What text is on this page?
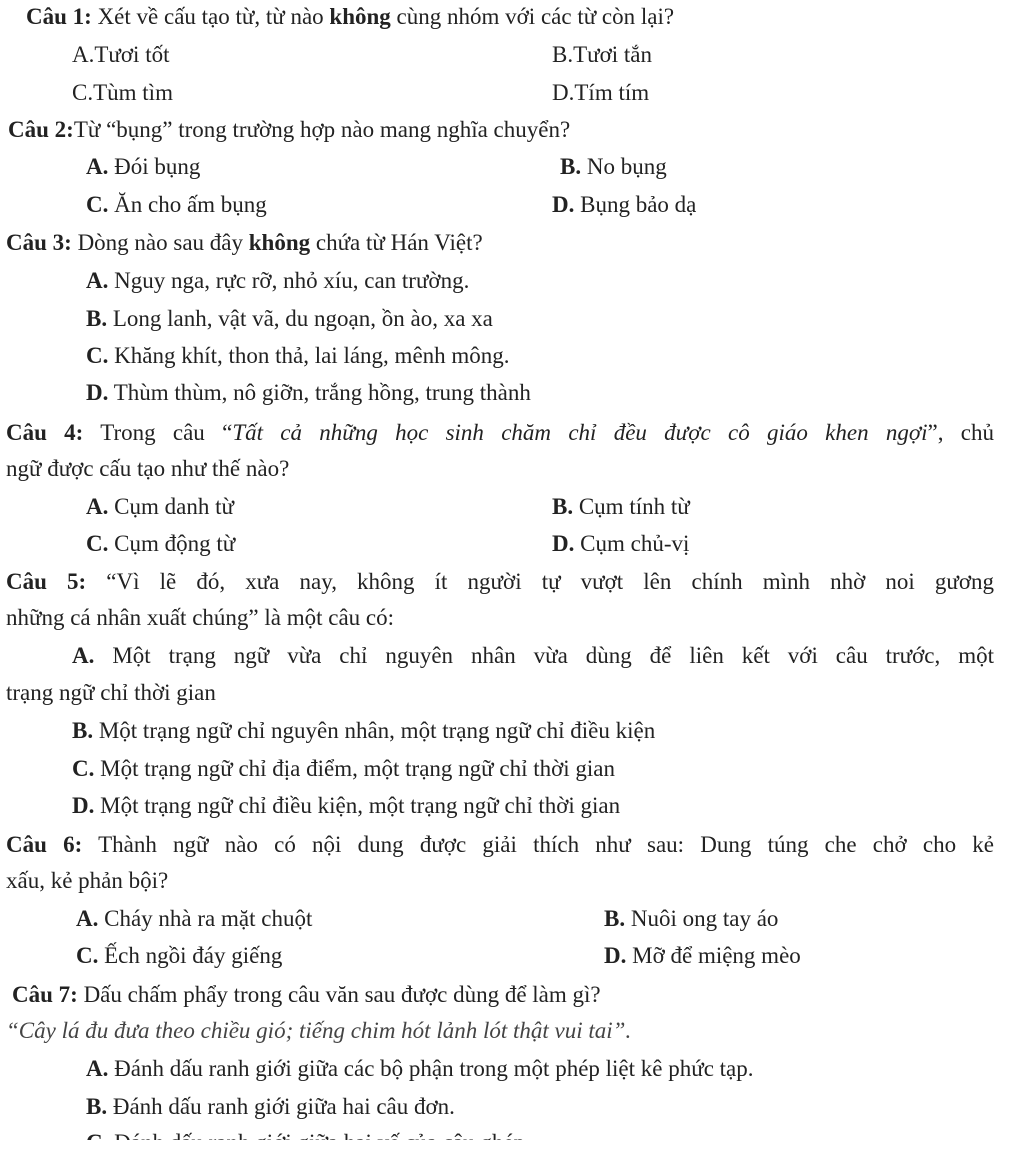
Câu 1: Xét về cấu tạo từ, từ nào không cùng nhóm với các từ còn lại?
A.Tươi tốt	B.Tươi tắn
C.Tùm tìm	D.Tím tím
Câu 2:Từ “bụng” trong trường hợp nào mang nghĩa chuyển?
A. Đói bụng	B. No bụng
C. Ăn cho ấm bụng	D. Bụng bảo dạ
Câu 3: Dòng nào sau đây không chứa từ Hán Việt?
A. Nguy nga, rực rỡ, nhỏ xíu, can trường.
B. Long lanh, vật vã, du ngoạn, ồn ào, xa xa
C. Khăng khít, thon thả, lai láng, mênh mông.
D. Thùm thùm, nô giỡn, trắng hồng, trung thành
Câu 4: Trong câu “Tất cả những học sinh chăm chỉ đều được cô giáo khen ngợi”, chủ
ngữ được cấu tạo như thế nào?
A. Cụm danh từ	B. Cụm tính từ
C. Cụm động từ	D. Cụm chủ-vị
Câu 5: “Vì lẽ đó, xưa nay, không ít người tự vượt lên chính mình nhờ noi gương
những cá nhân xuất chúng” là một câu có:
A. Một trạng ngữ vừa chỉ nguyên nhân vừa dùng để liên kết với câu trước, một
trạng ngữ chỉ thời gian
B. Một trạng ngữ chỉ nguyên nhân, một trạng ngữ chỉ điều kiện
C. Một trạng ngữ chỉ địa điểm, một trạng ngữ chỉ thời gian
D. Một trạng ngữ chỉ điều kiện, một trạng ngữ chỉ thời gian
Câu 6: Thành ngữ nào có nội dung được giải thích như sau: Dung túng che chở cho kẻ
xấu, kẻ phản bội?
A. Cháy nhà ra mặt chuột	B. Nuôi ong tay áo
C. Ếch ngồi đáy giếng	D. Mỡ để miệng mèo
Câu 7: Dấu chấm phẩy trong câu văn sau được dùng để làm gì?
“Cây lá đu đưa theo chiều gió; tiếng chim hót lảnh lót thật vui tai”.
A. Đánh dấu ranh giới giữa các bộ phận trong một phép liệt kê phức tạp.
B. Đánh dấu ranh giới giữa hai câu đơn.
